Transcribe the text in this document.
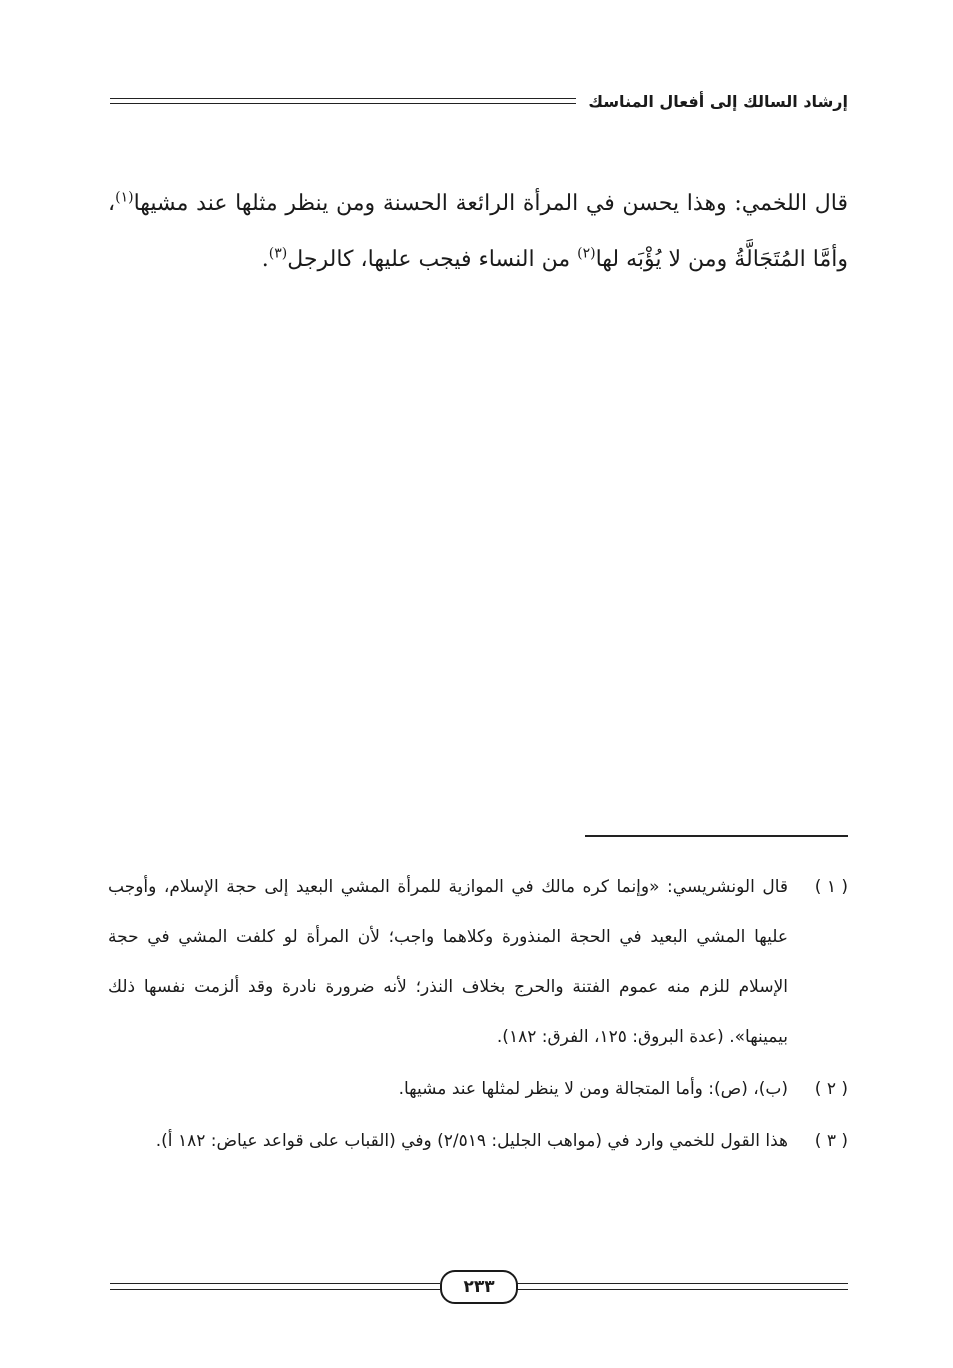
إرشاد السالك إلى أفعال المناسك
قال اللخمي: وهذا يحسن في المرأة الرائعة الحسنة ومن ينظر مثلها عند مشيها$^{(١)}$، وأمَّا المُتَجَالَّةُ ومن لا يُؤْبَه لها$^{(٢)}$ من النساء فيجب عليها، كالرجل$^{(٣)}$.
( ١ )
قال الونشريسي: «وإنما كره مالك في الموازية للمرأة المشي البعيد إلى حجة الإسلام، وأوجب عليها المشي البعيد في الحجة المنذورة وكلاهما واجب؛ لأن المرأة لو كلفت المشي في حجة الإسلام للزم منه عموم الفتنة والحرج بخلاف النذر؛ لأنه ضرورة نادرة وقد ألزمت نفسها ذلك بيمينها». (عدة البروق: ١٢٥، الفرق: ١٨٢).
( ٢ )
(ب)، (ص): وأما المتجالة ومن لا ينظر لمثلها عند مشيها.
( ٣ )
هذا القول للخمي وارد في (مواهب الجليل: ٢/٥١٩) وفي (القباب على قواعد عياض: ١٨٢ أ).
٢٣٣
